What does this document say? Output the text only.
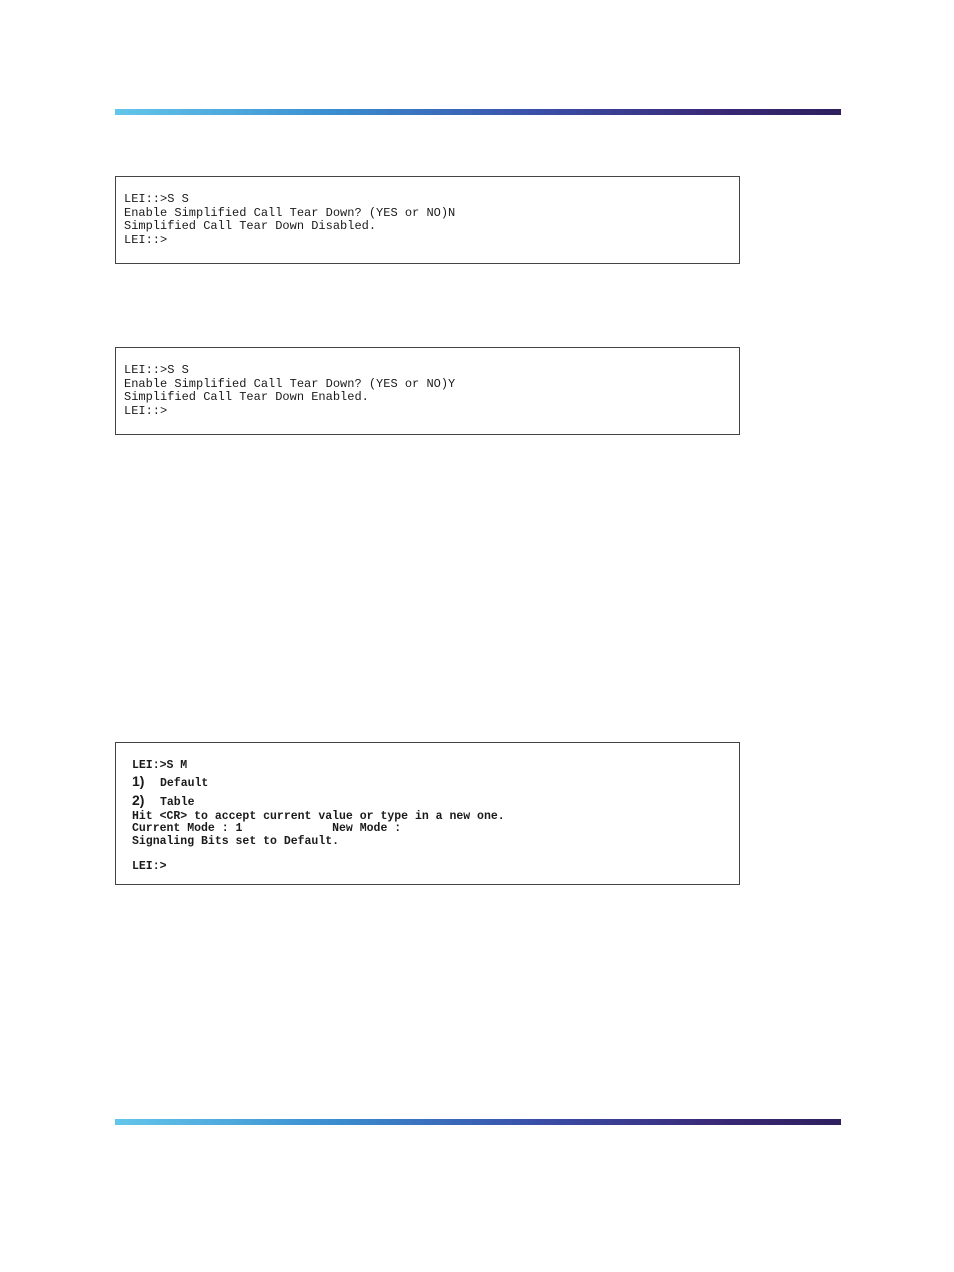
LEI::>S S
Enable Simplified Call Tear Down? (YES or NO)N
Simplified Call Tear Down Disabled.
LEI::>
LEI::>S S
Enable Simplified Call Tear Down? (YES or NO)Y
Simplified Call Tear Down Enabled.
LEI::>
LEI:>S M
1)	Default
2)	Table
Hit <CR> to accept current value or type in a new one.
Current Mode : 1             New Mode :
Signaling Bits set to Default.
LEI:>
